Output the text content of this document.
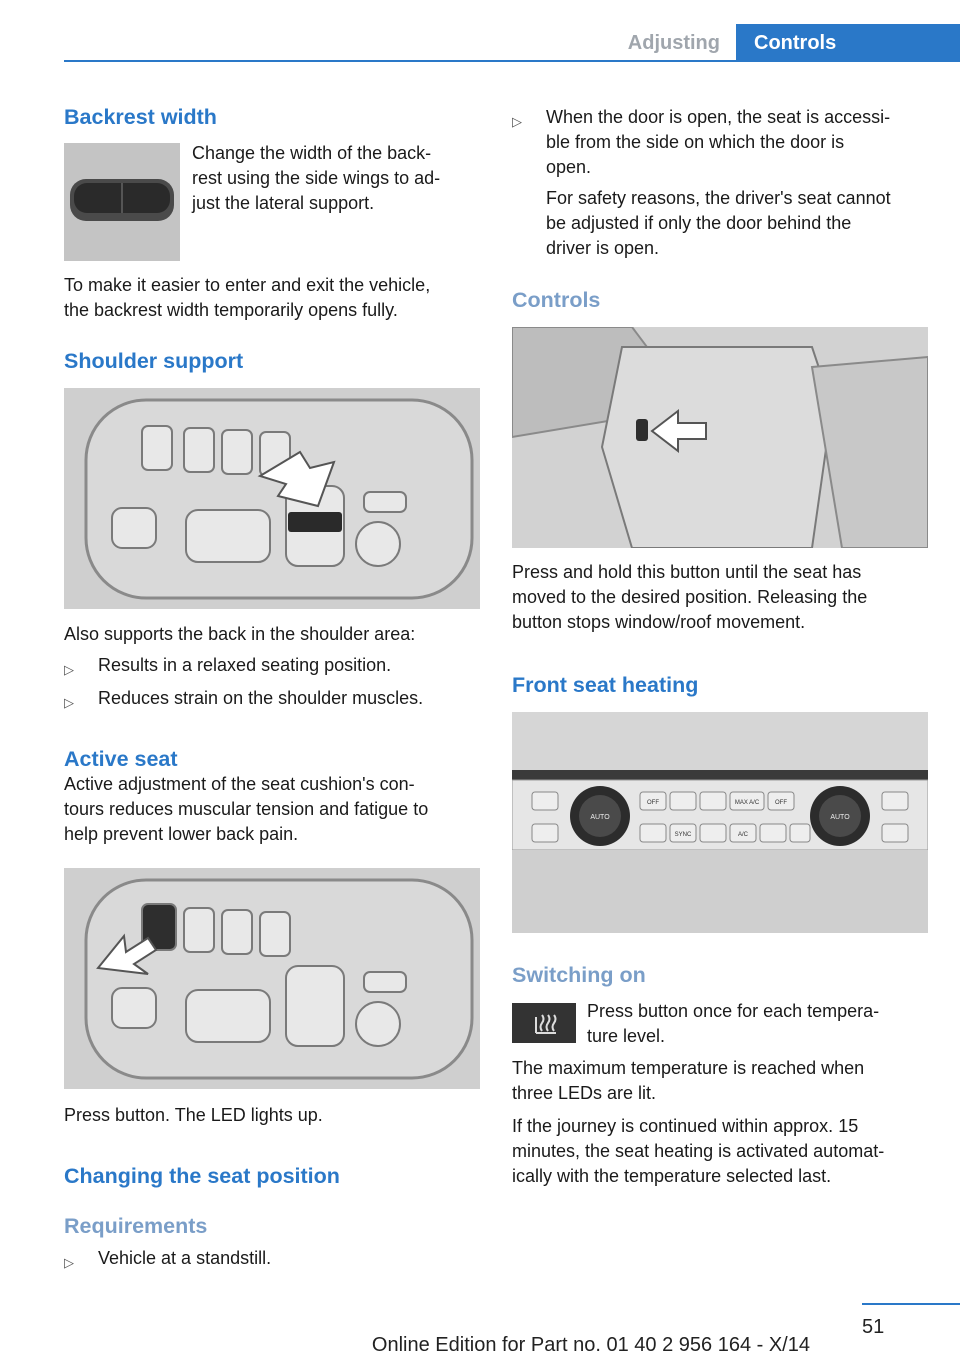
Adjusting	Controls
Backrest width
Change the width of the back-
rest using the side wings to ad-
just the lateral support.
To make it easier to enter and exit the vehicle,
the backrest width temporarily opens fully.
Shoulder support
Also supports the back in the shoulder area:
▷	Results in a relaxed seating position.
▷	Reduces strain on the shoulder muscles.
Active seat
Active adjustment of the seat cushion's con-
tours reduces muscular tension and fatigue to
help prevent lower back pain.
Press button. The LED lights up.
Changing the seat position
Requirements
▷	Vehicle at a standstill.
▷	When the door is open, the seat is accessi-
ble from the side on which the door is
open.
For safety reasons, the driver's seat cannot
be adjusted if only the door behind the
driver is open.
Controls
Press and hold this button until the seat has
moved to the desired position. Releasing the
button stops window/roof movement.
Front seat heating
AUTO
SYNC	A/C
MAX A/C
AUTO
OFF	OFF
Switching on
Press button once for each tempera-
ture level.
The maximum temperature is reached when
three LEDs are lit.
If the journey is continued within approx. 15
minutes, the seat heating is activated automat-
ically with the temperature selected last.
51
Online Edition for Part no. 01 40 2 956 164 - X/14
